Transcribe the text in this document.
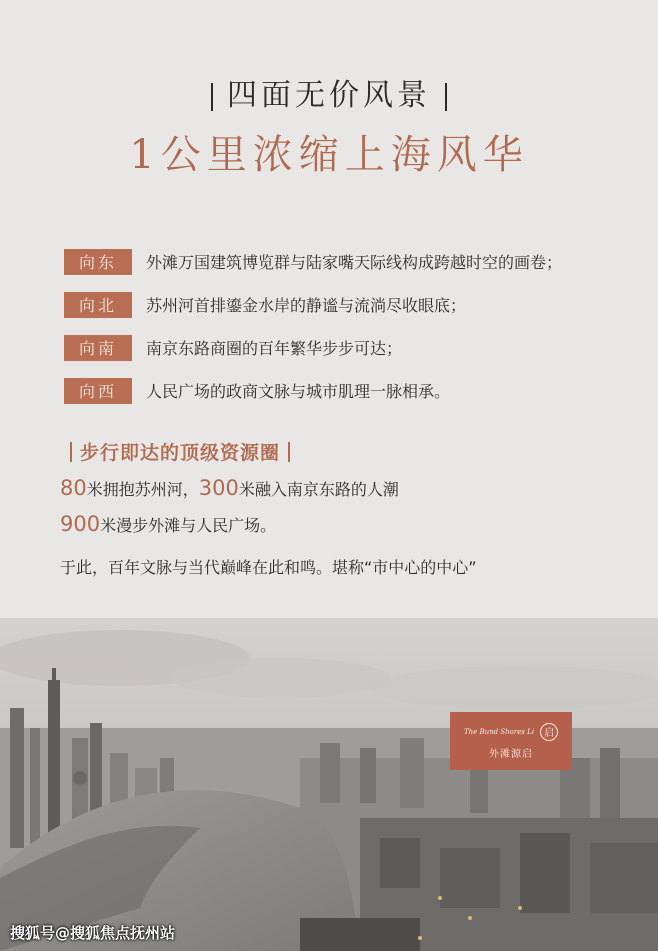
四面无价风景
1公里浓缩上海风华
向东	外滩万国建筑博览群与陆家嘴天际线构成跨越时空的画卷；
向北	苏州河首排鎏金水岸的静谧与流淌尽收眼底；
向南	南京东路商圈的百年繁华步步可达；
向西	人民广场的政商文脉与城市肌理一脉相承。
步行即达的顶级资源圈
80米拥抱苏州河，300米融入南京东路的人潮
900米漫步外滩与人民广场。
于此，百年文脉与当代巅峰在此和鸣。堪称“市中心的中心”
The Bund Shores Li	启
外滩源启
搜狐号@搜狐焦点抚州站
